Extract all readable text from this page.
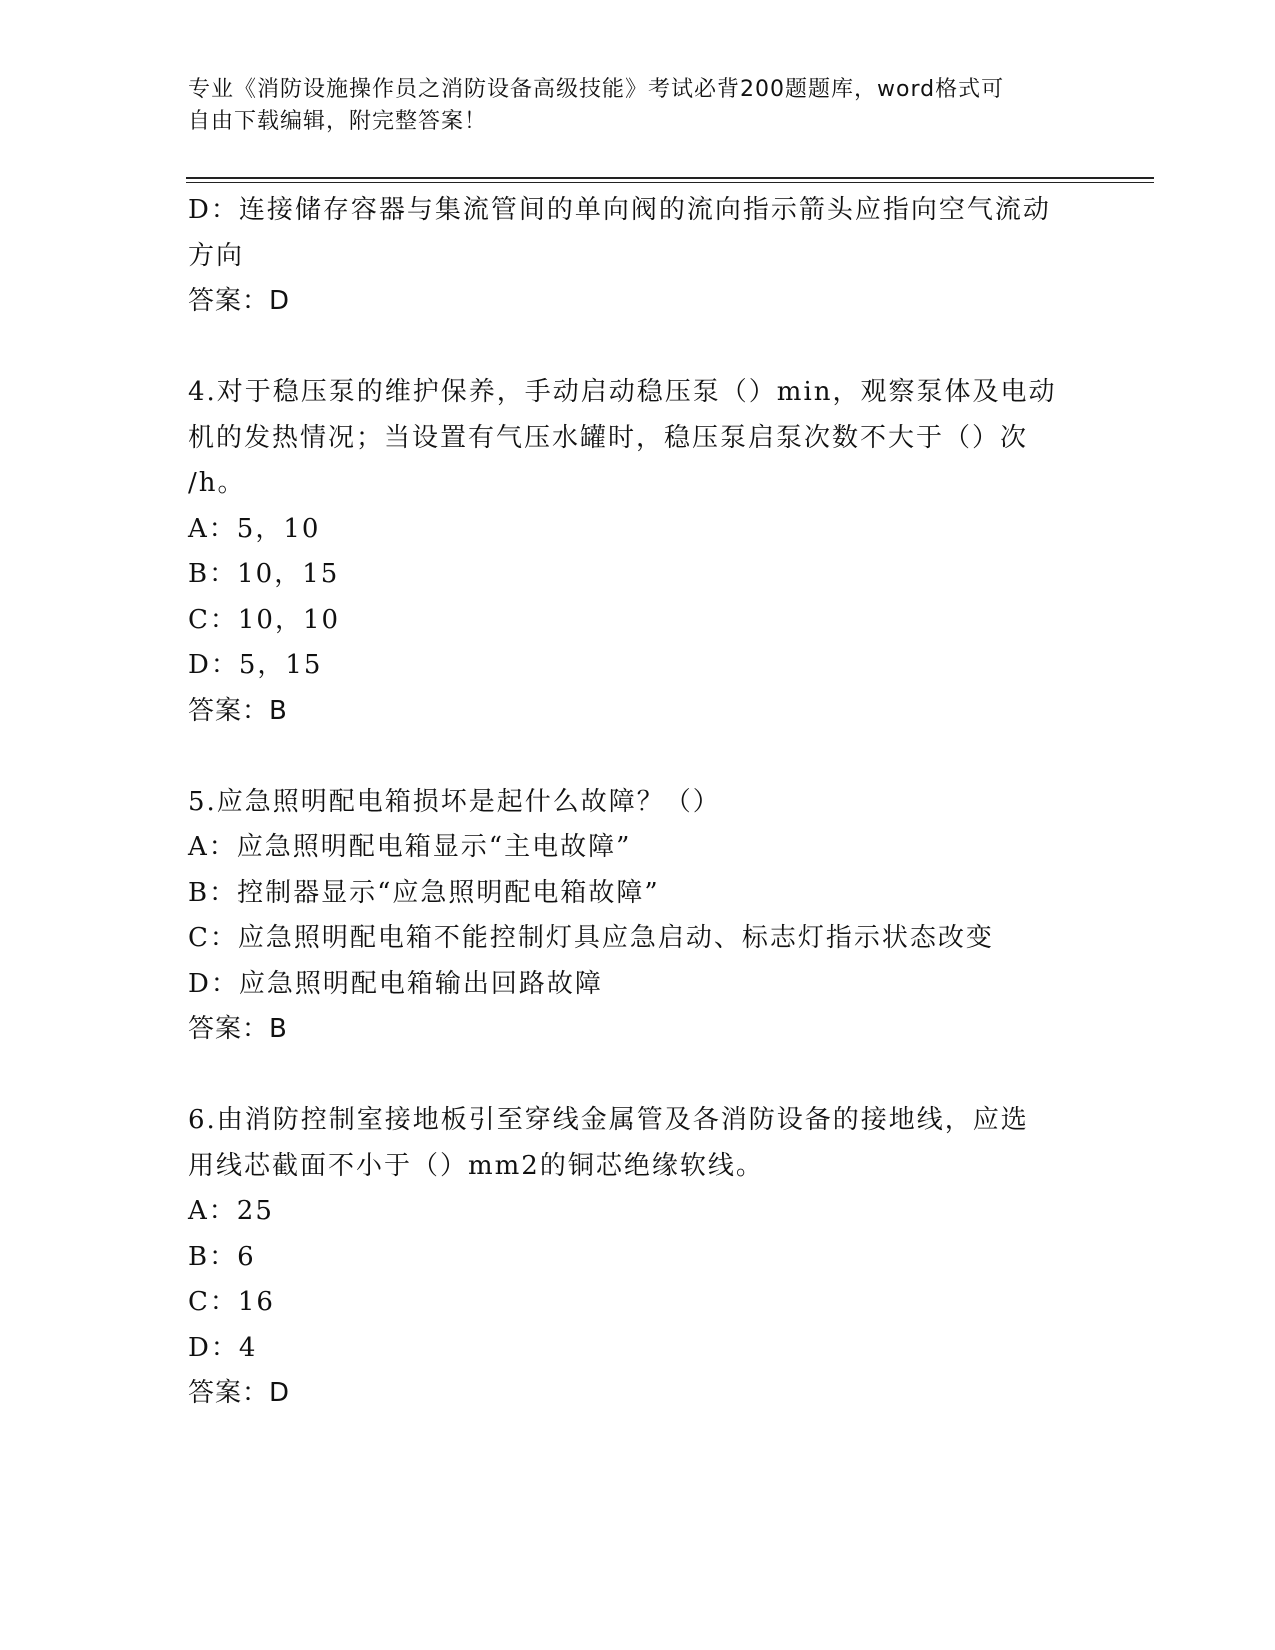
专业《消防设施操作员之消防设备高级技能》考试必背200题题库，word格式可
自由下载编辑，附完整答案！
D：连接储存容器与集流管间的单向阀的流向指示箭头应指向空气流动
方向
答案：D
4.对于稳压泵的维护保养，手动启动稳压泵（）min，观察泵体及电动
机的发热情况；当设置有气压水罐时，稳压泵启泵次数不大于（）次
/h。
A：5，10
B：10，15
C：10，10
D：5，15
答案：B
5.应急照明配电箱损坏是起什么故障？（）
A：应急照明配电箱显示“主电故障”
B：控制器显示“应急照明配电箱故障”
C：应急照明配电箱不能控制灯具应急启动、标志灯指示状态改变
D：应急照明配电箱输出回路故障
答案：B
6.由消防控制室接地板引至穿线金属管及各消防设备的接地线，应选
用线芯截面不小于（）mm2的铜芯绝缘软线。
A：25
B：6
C：16
D：4
答案：D
